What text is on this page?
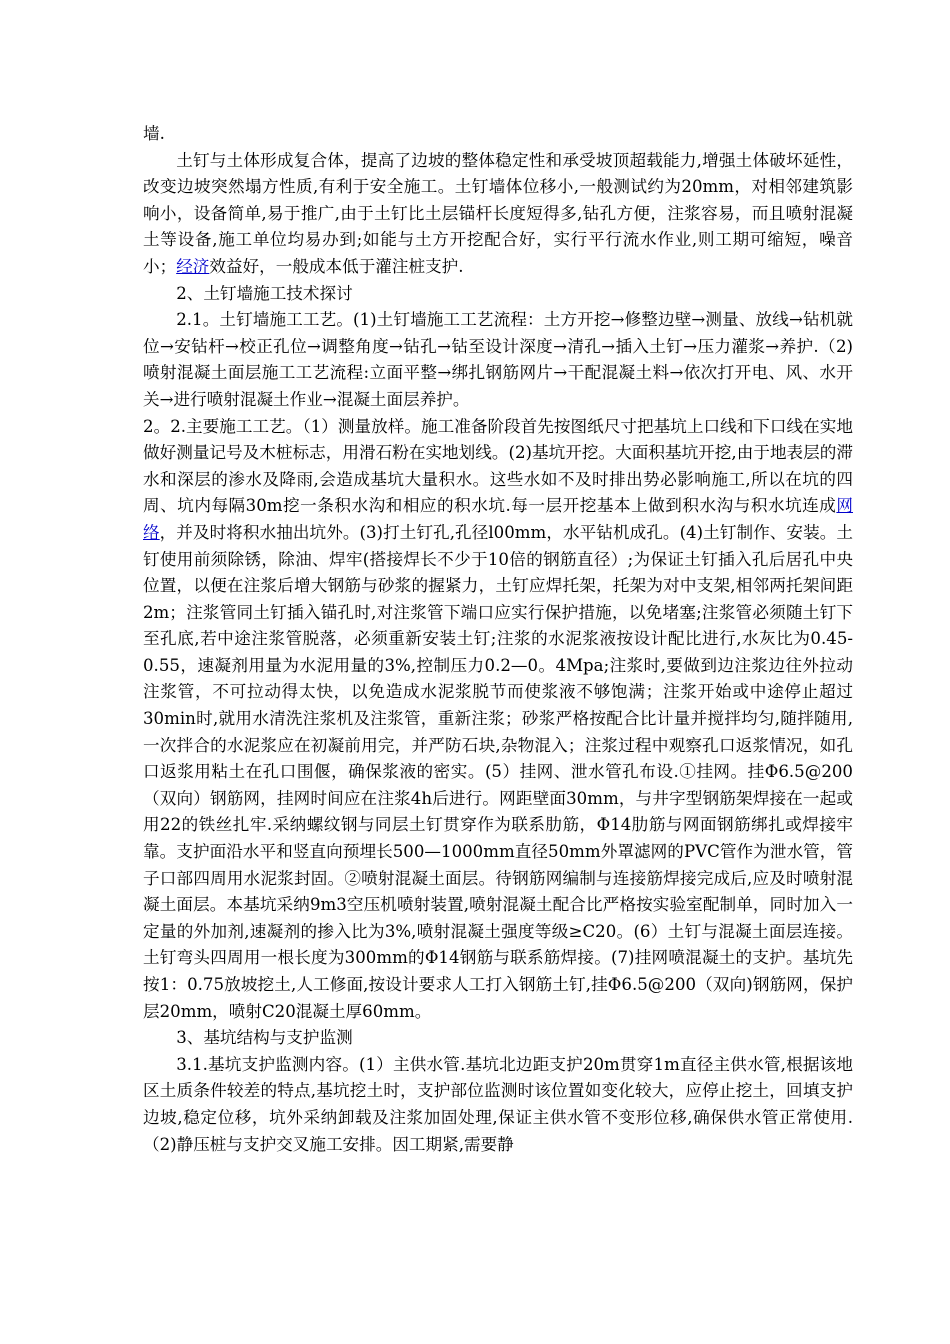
墙.

土钉与土体形成复合体，提高了边坡的整体稳定性和承受坡顶超载能力,增强土体破坏延性，改变边坡突然塌方性质,有利于安全施工。土钉墙体位移小,一般测试约为20mm，对相邻建筑影响小，设备简单,易于推广,由于土钉比土层锚杆长度短得多,钻孔方便，注浆容易，而且喷射混凝土等设备,施工单位均易办到;如能与土方开挖配合好，实行平行流水作业,则工期可缩短，噪音小；经济效益好，一般成本低于灌注桩支护.

2、土钉墙施工技术探讨

2.1。土钉墙施工工艺。(1)土钉墙施工工艺流程：土方开挖→修整边壁→测量、放线→钻机就位→安钻杆→校正孔位→调整角度→钻孔→钻至设计深度→清孔→插入土钉→压力灌浆→养护.（2)喷射混凝土面层施工工艺流程:立面平整→绑扎钢筋网片→干配混凝土料→依次打开电、风、水开关→进行喷射混凝土作业→混凝土面层养护。

2。2.主要施工工艺。（1）测量放样。施工准备阶段首先按图纸尺寸把基坑上口线和下口线在实地做好测量记号及木桩标志，用滑石粉在实地划线。(2)基坑开挖。大面积基坑开挖,由于地表层的滞水和深层的渗水及降雨,会造成基坑大量积水。这些水如不及时排出势必影响施工,所以在坑的四周、坑内每隔30m挖一条积水沟和相应的积水坑.每一层开挖基本上做到积水沟与积水坑连成网络，并及时将积水抽出坑外。(3)打土钉孔,孔径l00mm，水平钻机成孔。(4)土钉制作、安装。土钉使用前须除锈，除油、焊牢(搭接焊长不少于10倍的钢筋直径）;为保证土钉插入孔后居孔中央位置，以便在注浆后增大钢筋与砂浆的握紧力，土钉应焊托架，托架为对中支架,相邻两托架间距2m；注浆管同土钉插入锚孔时,对注浆管下端口应实行保护措施，以免堵塞;注浆管必须随土钉下至孔底,若中途注浆管脱落，必须重新安装土钉;注浆的水泥浆液按设计配比进行,水灰比为0.45-0.55，速凝剂用量为水泥用量的3%,控制压力0.2—0。4Mpa;注浆时,要做到边注浆边往外拉动注浆管，不可拉动得太快，以免造成水泥浆脱节而使浆液不够饱满；注浆开始或中途停止超过30min时,就用水清洗注浆机及注浆管，重新注浆；砂浆严格按配合比计量并搅拌均匀,随拌随用,一次拌合的水泥浆应在初凝前用完，并严防石块,杂物混入；注浆过程中观察孔口返浆情况，如孔口返浆用粘土在孔口围偃，确保浆液的密实。(5）挂网、泄水管孔布设.①挂网。挂Φ6.5@200（双向）钢筋网，挂网时间应在注浆4h后进行。网距壁面30mm，与井字型钢筋架焊接在一起或用22的铁丝扎牢.采纳螺纹钢与同层土钉贯穿作为联系肋筋，Φ14肋筋与网面钢筋绑扎或焊接牢靠。支护面沿水平和竖直向预埋长500—1000mm直径50mm外罩滤网的PVC管作为泄水管，管子口部四周用水泥浆封固。②喷射混凝土面层。待钢筋网编制与连接筋焊接完成后,应及时喷射混凝土面层。本基坑采纳9m3空压机喷射装置,喷射混凝土配合比严格按实验室配制单，同时加入一定量的外加剂,速凝剂的掺入比为3%,喷射混凝土强度等级≥C20。(6）土钉与混凝土面层连接。土钉弯头四周用一根长度为300mm的Φ14钢筋与联系筋焊接。(7)挂网喷混凝土的支护。基坑先按1：0.75放坡挖土,人工修面,按设计要求人工打入钢筋土钉,挂Φ6.5@200（双向)钢筋网，保护层20mm，喷射C20混凝土厚60mm。

3、基坑结构与支护监测

3.1.基坑支护监测内容。(1）主供水管.基坑北边距支护20m贯穿1m直径主供水管,根据该地区土质条件较差的特点,基坑挖土时，支护部位监测时该位置如变化较大，应停止挖土，回填支护边坡,稳定位移，坑外采纳卸载及注浆加固处理,保证主供水管不变形位移,确保供水管正常使用.（2)静压桩与支护交叉施工安排。因工期紧,需要静
